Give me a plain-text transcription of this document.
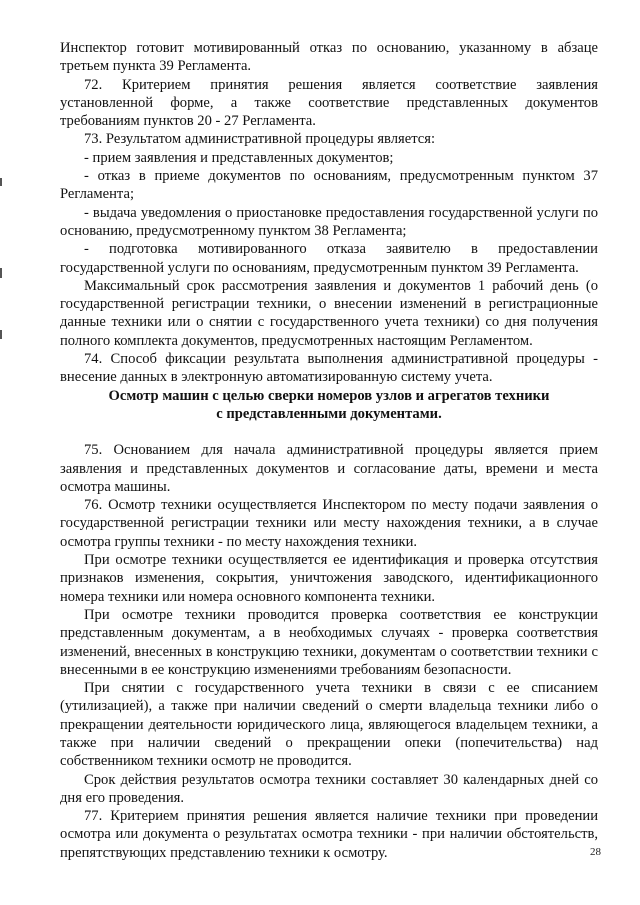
Инспектор готовит мотивированный отказ по основанию, указанному в абзаце третьем пункта 39 Регламента.

72. Критерием принятия решения является соответствие заявления установленной форме, а также соответствие представленных документов требованиям пунктов 20 - 27 Регламента.

73. Результатом административной процедуры является:

- прием заявления и представленных документов;

- отказ в приеме документов по основаниям, предусмотренным пунктом 37 Регламента;

- выдача уведомления о приостановке предоставления государственной услуги по основанию, предусмотренному пунктом 38 Регламента;

- подготовка мотивированного отказа заявителю в предоставлении государственной услуги по основаниям, предусмотренным пунктом 39 Регламента.

Максимальный срок рассмотрения заявления и документов 1 рабочий день (о государственной регистрации техники, о внесении изменений в регистрационные данные техники или о снятии с государственного учета техники) со дня получения полного комплекта документов, предусмотренных настоящим Регламентом.

74. Способ фиксации результата выполнения административной процедуры - внесение данных в электронную автоматизированную систему учета.

Осмотр машин с целью сверки номеров узлов и агрегатов техники

с представленными документами.

75. Основанием для начала административной процедуры является прием заявления и представленных документов и согласование даты, времени и места осмотра машины.

76. Осмотр техники осуществляется Инспектором по месту подачи заявления о государственной регистрации техники или месту нахождения техники, а в случае осмотра группы техники - по месту нахождения техники.

При осмотре техники осуществляется ее идентификация и проверка отсутствия признаков изменения, сокрытия, уничтожения заводского, идентификационного номера техники или номера основного компонента техники.

При осмотре техники проводится проверка соответствия ее конструкции представленным документам, а в необходимых случаях - проверка соответствия изменений, внесенных в конструкцию техники, документам о соответствии техники с внесенными в ее конструкцию изменениями требованиям безопасности.

При снятии с государственного учета техники в связи с ее списанием (утилизацией), а также при наличии сведений о смерти владельца техники либо о прекращении деятельности юридического лица, являющегося владельцем техники, а также при наличии сведений о прекращении опеки (попечительства) над собственником техники осмотр не проводится.

Срок действия результатов осмотра техники составляет 30 календарных дней со дня его проведения.

77. Критерием принятия решения является наличие техники при проведении осмотра или документа о результатах осмотра техники - при наличии обстоятельств, препятствующих представлению техники к осмотру.	28
